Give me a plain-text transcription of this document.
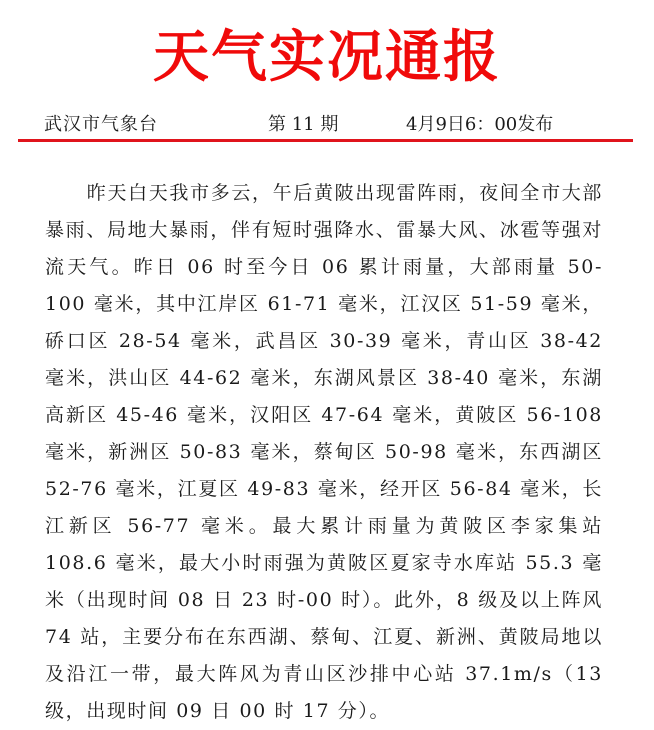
天气实况通报
武汉市气象台	第 11 期	4月9日6：00发布

昨天白天我市多云，午后黄陂出现雷阵雨，夜间全市大部暴雨、局地大暴雨，伴有短时强降水、雷暴大风、冰雹等强对流天气。昨日 06 时至今日 06 累计雨量，大部雨量 50-100 毫米，其中江岸区 61-71 毫米，江汉区 51-59 毫米，硚口区 28-54 毫米，武昌区 30-39 毫米，青山区 38-42 毫米，洪山区 44-62 毫米，东湖风景区 38-40 毫米，东湖高新区 45-46 毫米，汉阳区 47-64 毫米，黄陂区 56-108 毫米，新洲区 50-83 毫米，蔡甸区 50-98 毫米，东西湖区 52-76 毫米，江夏区 49-83 毫米，经开区 56-84 毫米，长江新区 56-77 毫米。最大累计雨量为黄陂区李家集站 108.6 毫米，最大小时雨强为黄陂区夏家寺水库站 55.3 毫米（出现时间 08 日 23 时-00 时）。此外，8 级及以上阵风 74 站，主要分布在东西湖、蔡甸、江夏、新洲、黄陂局地以及沿江一带，最大阵风为青山区沙排中心站 37.1m/s（13 级，出现时间 09 日 00 时 17 分）。
